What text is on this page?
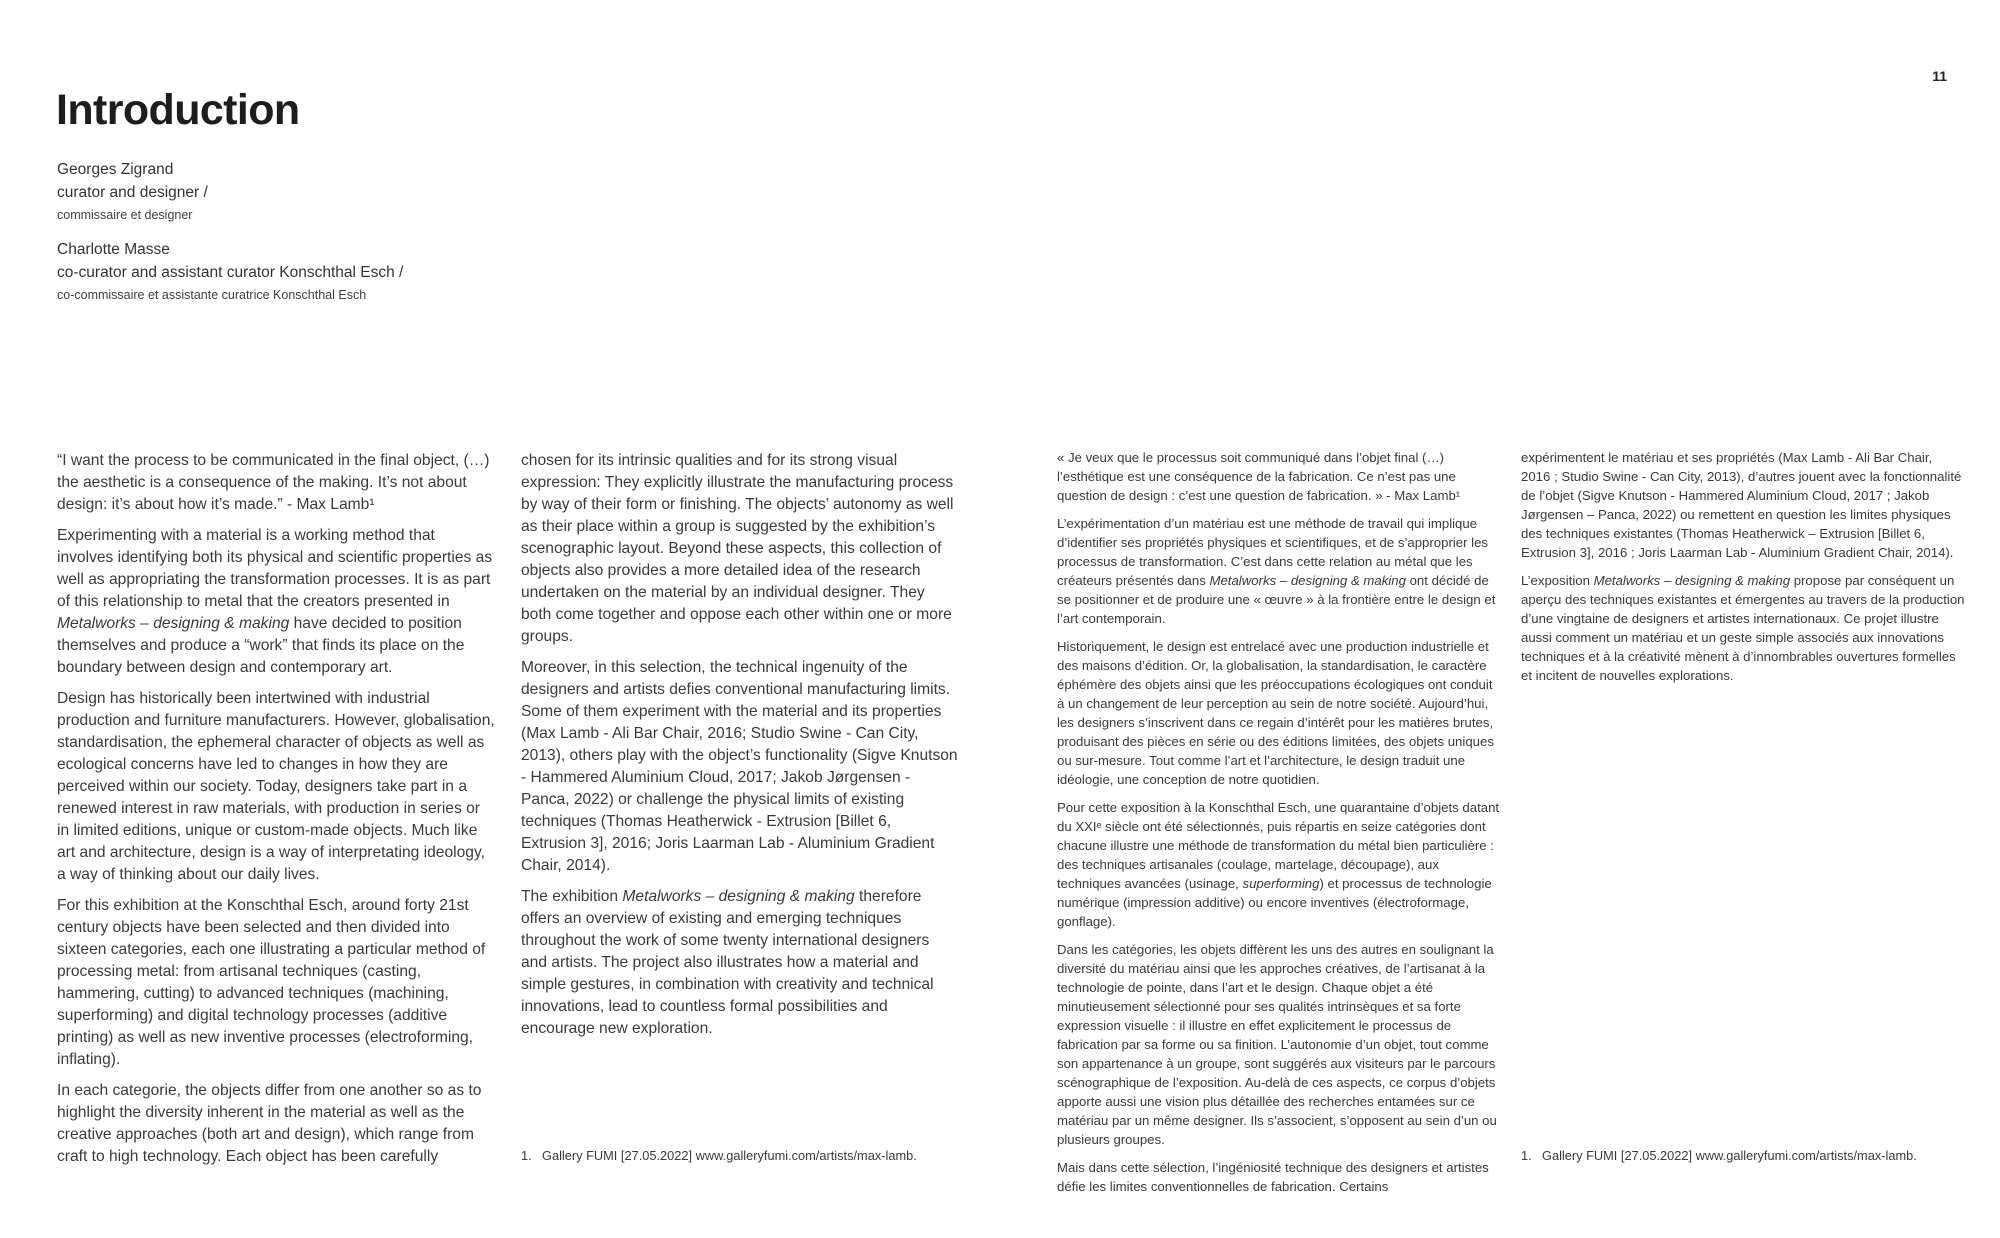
Introduction
11
Georges Zigrand
curator and designer /
commissaire et designer
Charlotte Masse
co-curator and assistant curator Konschthal Esch /
co-commissaire et assistante curatrice Konschthal Esch

“I want the process to be communicated in the final object, (…) the aesthetic is a consequence of the making. It’s not about design: it’s about how it’s made.” - Max Lamb¹

Experimenting with a material is a working method that involves identifying both its physical and scientific properties as well as appropriating the transformation processes. It is as part of this relationship to metal that the creators presented in Metalworks – designing & making have decided to position themselves and produce a “work” that finds its place on the boundary between design and contemporary art.

Design has historically been intertwined with industrial production and furniture manufacturers. However, globalisation, standardisation, the ephemeral character of objects as well as ecological concerns have led to changes in how they are perceived within our society. Today, designers take part in a renewed interest in raw materials, with production in series or in limited editions, unique or custom-made objects. Much like art and architecture, design is a way of interpretating ideology, a way of thinking about our daily lives.

For this exhibition at the Konschthal Esch, around forty 21st century objects have been selected and then divided into sixteen categories, each one illustrating a particular method of processing metal: from artisanal techniques (casting, hammering, cutting) to advanced techniques (machining, superforming) and digital technology processes (additive printing) as well as new inventive processes (electroforming, inflating).

In each categorie, the objects differ from one another so as to highlight the diversity inherent in the material as well as the creative approaches (both art and design), which range from craft to high technology. Each object has been carefully

chosen for its intrinsic qualities and for its strong visual expression: They explicitly illustrate the manufacturing process by way of their form or finishing. The objects’ autonomy as well as their place within a group is suggested by the exhibition’s scenographic layout. Beyond these aspects, this collection of objects also provides a more detailed idea of the research undertaken on the material by an individual designer. They both come together and oppose each other within one or more groups.

Moreover, in this selection, the technical ingenuity of the designers and artists defies conventional manufacturing limits. Some of them experiment with the material and its properties (Max Lamb - Ali Bar Chair, 2016; Studio Swine - Can City, 2013), others play with the object’s functionality (Sigve Knutson - Hammered Aluminium Cloud, 2017; Jakob Jørgensen - Panca, 2022) or challenge the physical limits of existing techniques (Thomas Heatherwick - Extrusion [Billet 6, Extrusion 3], 2016; Joris Laarman Lab - Aluminium Gradient Chair, 2014).

The exhibition Metalworks – designing & making therefore offers an overview of existing and emerging techniques throughout the work of some twenty international designers and artists. The project also illustrates how a material and simple gestures, in combination with creativity and technical innovations, lead to countless formal possibilities and encourage new exploration.

« Je veux que le processus soit communiqué dans l’objet final (…) l’esthétique est une conséquence de la fabrication. Ce n’est pas une question de design : c’est une question de fabrication. » - Max Lamb¹

L’expérimentation d’un matériau est une méthode de travail qui implique d’identifier ses propriétés physiques et scientifiques, et de s’approprier les processus de transformation. C’est dans cette relation au métal que les créateurs présentés dans Metalworks – designing & making ont décidé de se positionner et de produire une « œuvre » à la frontière entre le design et l’art contemporain.

Historiquement, le design est entrelacé avec une production industrielle et des maisons d’édition. Or, la globalisation, la standardisation, le caractère éphémère des objets ainsi que les préoccupations écologiques ont conduit à un changement de leur perception au sein de notre société. Aujourd’hui, les designers s’inscrivent dans ce regain d’intérêt pour les matières brutes, produisant des pièces en série ou des éditions limitées, des objets uniques ou sur-mesure. Tout comme l’art et l’architecture, le design traduit une idéologie, une conception de notre quotidien.

Pour cette exposition à la Konschthal Esch, une quarantaine d’objets datant du XXIᵉ siècle ont été sélectionnés, puis répartis en seize catégories dont chacune illustre une méthode de transformation du métal bien particulière : des techniques artisanales (coulage, martelage, découpage), aux techniques avancées (usinage, superforming) et processus de technologie numérique (impression additive) ou encore inventives (électroformage, gonflage).

Dans les catégories, les objets diffèrent les uns des autres en soulignant la diversité du matériau ainsi que les approches créatives, de l’artisanat à la technologie de pointe, dans l’art et le design. Chaque objet a été minutieusement sélectionné pour ses qualités intrinsèques et sa forte expression visuelle : il illustre en effet explicitement le processus de fabrication par sa forme ou sa finition. L’autonomie d’un objet, tout comme son appartenance à un groupe, sont suggérés aux visiteurs par le parcours scénographique de l’exposition. Au-delà de ces aspects, ce corpus d’objets apporte aussi une vision plus détaillée des recherches entamées sur ce matériau par un même designer. Ils s’associent, s’opposent au sein d’un ou plusieurs groupes.

Mais dans cette sélection, l’ingéniosité technique des designers et artistes défie les limites conventionnelles de fabrication. Certains

expérimentent le matériau et ses propriétés (Max Lamb - Ali Bar Chair, 2016 ; Studio Swine - Can City, 2013), d’autres jouent avec la fonctionnalité de l’objet (Sigve Knutson - Hammered Aluminium Cloud, 2017 ; Jakob Jørgensen – Panca, 2022) ou remettent en question les limites physiques des techniques existantes (Thomas Heatherwick – Extrusion [Billet 6, Extrusion 3], 2016 ; Joris Laarman Lab - Aluminium Gradient Chair, 2014).

L’exposition Metalworks – designing & making propose par conséquent un aperçu des techniques existantes et émergentes au travers de la production d’une vingtaine de designers et artistes internationaux. Ce projet illustre aussi comment un matériau et un geste simple associés aux innovations techniques et à la créativité mènent à d’innombrables ouvertures formelles et incitent de nouvelles explorations.

1. Gallery FUMI [27.05.2022] www.galleryfumi.com/artists/max-lamb.	1. Gallery FUMI [27.05.2022] www.galleryfumi.com/artists/max-lamb.
